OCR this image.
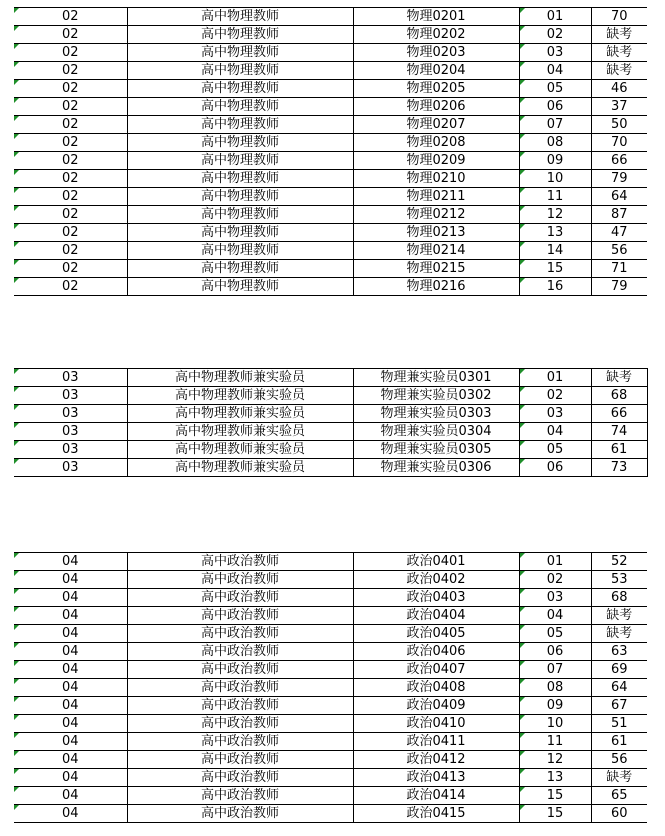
02	高中物理教师	物理0201	01	70
02	高中物理教师	物理0202	02	缺考
02	高中物理教师	物理0203	03	缺考
02	高中物理教师	物理0204	04	缺考
02	高中物理教师	物理0205	05	46
02	高中物理教师	物理0206	06	37
02	高中物理教师	物理0207	07	50
02	高中物理教师	物理0208	08	70
02	高中物理教师	物理0209	09	66
02	高中物理教师	物理0210	10	79
02	高中物理教师	物理0211	11	64
02	高中物理教师	物理0212	12	87
02	高中物理教师	物理0213	13	47
02	高中物理教师	物理0214	14	56
02	高中物理教师	物理0215	15	71
02	高中物理教师	物理0216	16	79
03	高中物理教师兼实验员	物理兼实验员0301	01	缺考
03	高中物理教师兼实验员	物理兼实验员0302	02	68
03	高中物理教师兼实验员	物理兼实验员0303	03	66
03	高中物理教师兼实验员	物理兼实验员0304	04	74
03	高中物理教师兼实验员	物理兼实验员0305	05	61
03	高中物理教师兼实验员	物理兼实验员0306	06	73
04	高中政治教师	政治0401	01	52
04	高中政治教师	政治0402	02	53
04	高中政治教师	政治0403	03	68
04	高中政治教师	政治0404	04	缺考
04	高中政治教师	政治0405	05	缺考
04	高中政治教师	政治0406	06	63
04	高中政治教师	政治0407	07	69
04	高中政治教师	政治0408	08	64
04	高中政治教师	政治0409	09	67
04	高中政治教师	政治0410	10	51
04	高中政治教师	政治0411	11	61
04	高中政治教师	政治0412	12	56
04	高中政治教师	政治0413	13	缺考
04	高中政治教师	政治0414	15	65
04	高中政治教师	政治0415	15	60
